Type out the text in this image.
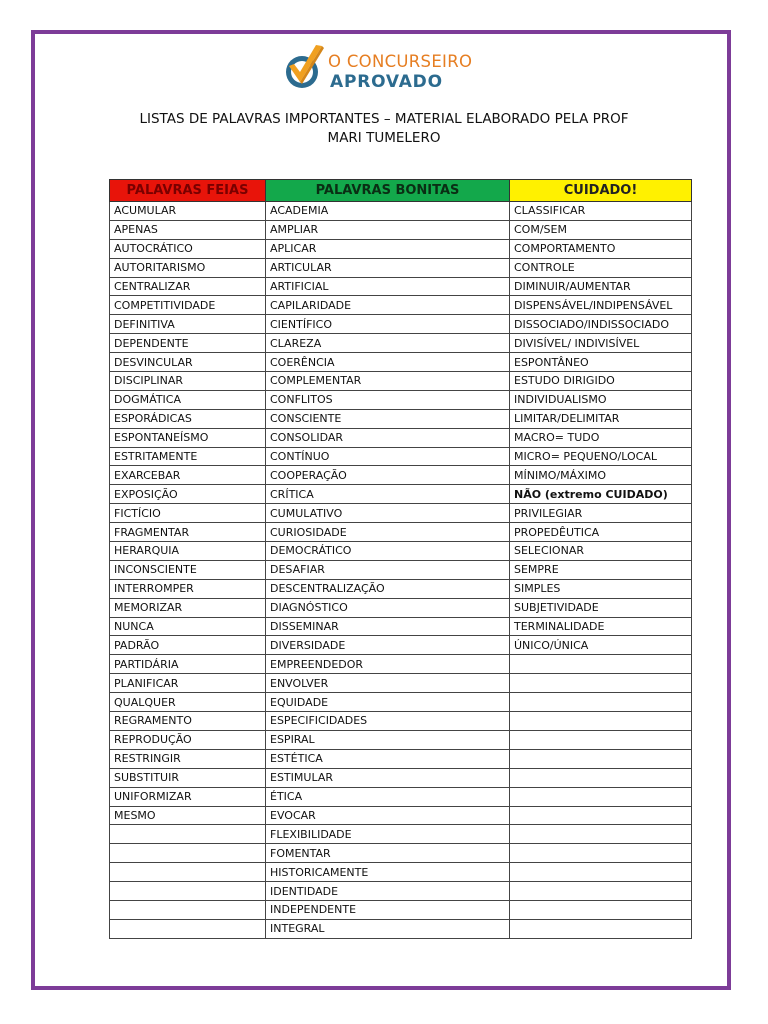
O CONCURSEIRO
APROVADO
LISTAS DE PALAVRAS IMPORTANTES – MATERIAL ELABORADO PELA PROF
MARI TUMELERO
PALAVRAS FEIAS	PALAVRAS BONITAS	CUIDADO!
ACUMULAR	ACADEMIA	CLASSIFICAR
APENAS	AMPLIAR	COM/SEM
AUTOCRÁTICO	APLICAR	COMPORTAMENTO
AUTORITARISMO	ARTICULAR	CONTROLE
CENTRALIZAR	ARTIFICIAL	DIMINUIR/AUMENTAR
COMPETITIVIDADE	CAPILARIDADE	DISPENSÁVEL/INDIPENSÁVEL
DEFINITIVA	CIENTÍFICO	DISSOCIADO/INDISSOCIADO
DEPENDENTE	CLAREZA	DIVISÍVEL/ INDIVISÍVEL
DESVINCULAR	COERÊNCIA	ESPONTÂNEO
DISCIPLINAR	COMPLEMENTAR	ESTUDO DIRIGIDO
DOGMÁTICA	CONFLITOS	INDIVIDUALISMO
ESPORÁDICAS	CONSCIENTE	LIMITAR/DELIMITAR
ESPONTANEÍSMO	CONSOLIDAR	MACRO= TUDO
ESTRITAMENTE	CONTÍNUO	MICRO= PEQUENO/LOCAL
EXARCEBAR	COOPERAÇÃO	MÍNIMO/MÁXIMO
EXPOSIÇÃO	CRÍTICA	NÃO (extremo CUIDADO)
FICTÍCIO	CUMULATIVO	PRIVILEGIAR
FRAGMENTAR	CURIOSIDADE	PROPEDÊUTICA
HERARQUIA	DEMOCRÁTICO	SELECIONAR
INCONSCIENTE	DESAFIAR	SEMPRE
INTERROMPER	DESCENTRALIZAÇÃO	SIMPLES
MEMORIZAR	DIAGNÓSTICO	SUBJETIVIDADE
NUNCA	DISSEMINAR	TERMINALIDADE
PADRÃO	DIVERSIDADE	ÚNICO/ÚNICA
PARTIDÁRIA	EMPREENDEDOR	
PLANIFICAR	ENVOLVER	
QUALQUER	EQUIDADE	
REGRAMENTO	ESPECIFICIDADES	
REPRODUÇÃO	ESPIRAL	
RESTRINGIR	ESTÉTICA	
SUBSTITUIR	ESTIMULAR	
UNIFORMIZAR	ÉTICA	
MESMO	EVOCAR	
	FLEXIBILIDADE	
	FOMENTAR	
	HISTORICAMENTE	
	IDENTIDADE	
	INDEPENDENTE	
	INTEGRAL	
